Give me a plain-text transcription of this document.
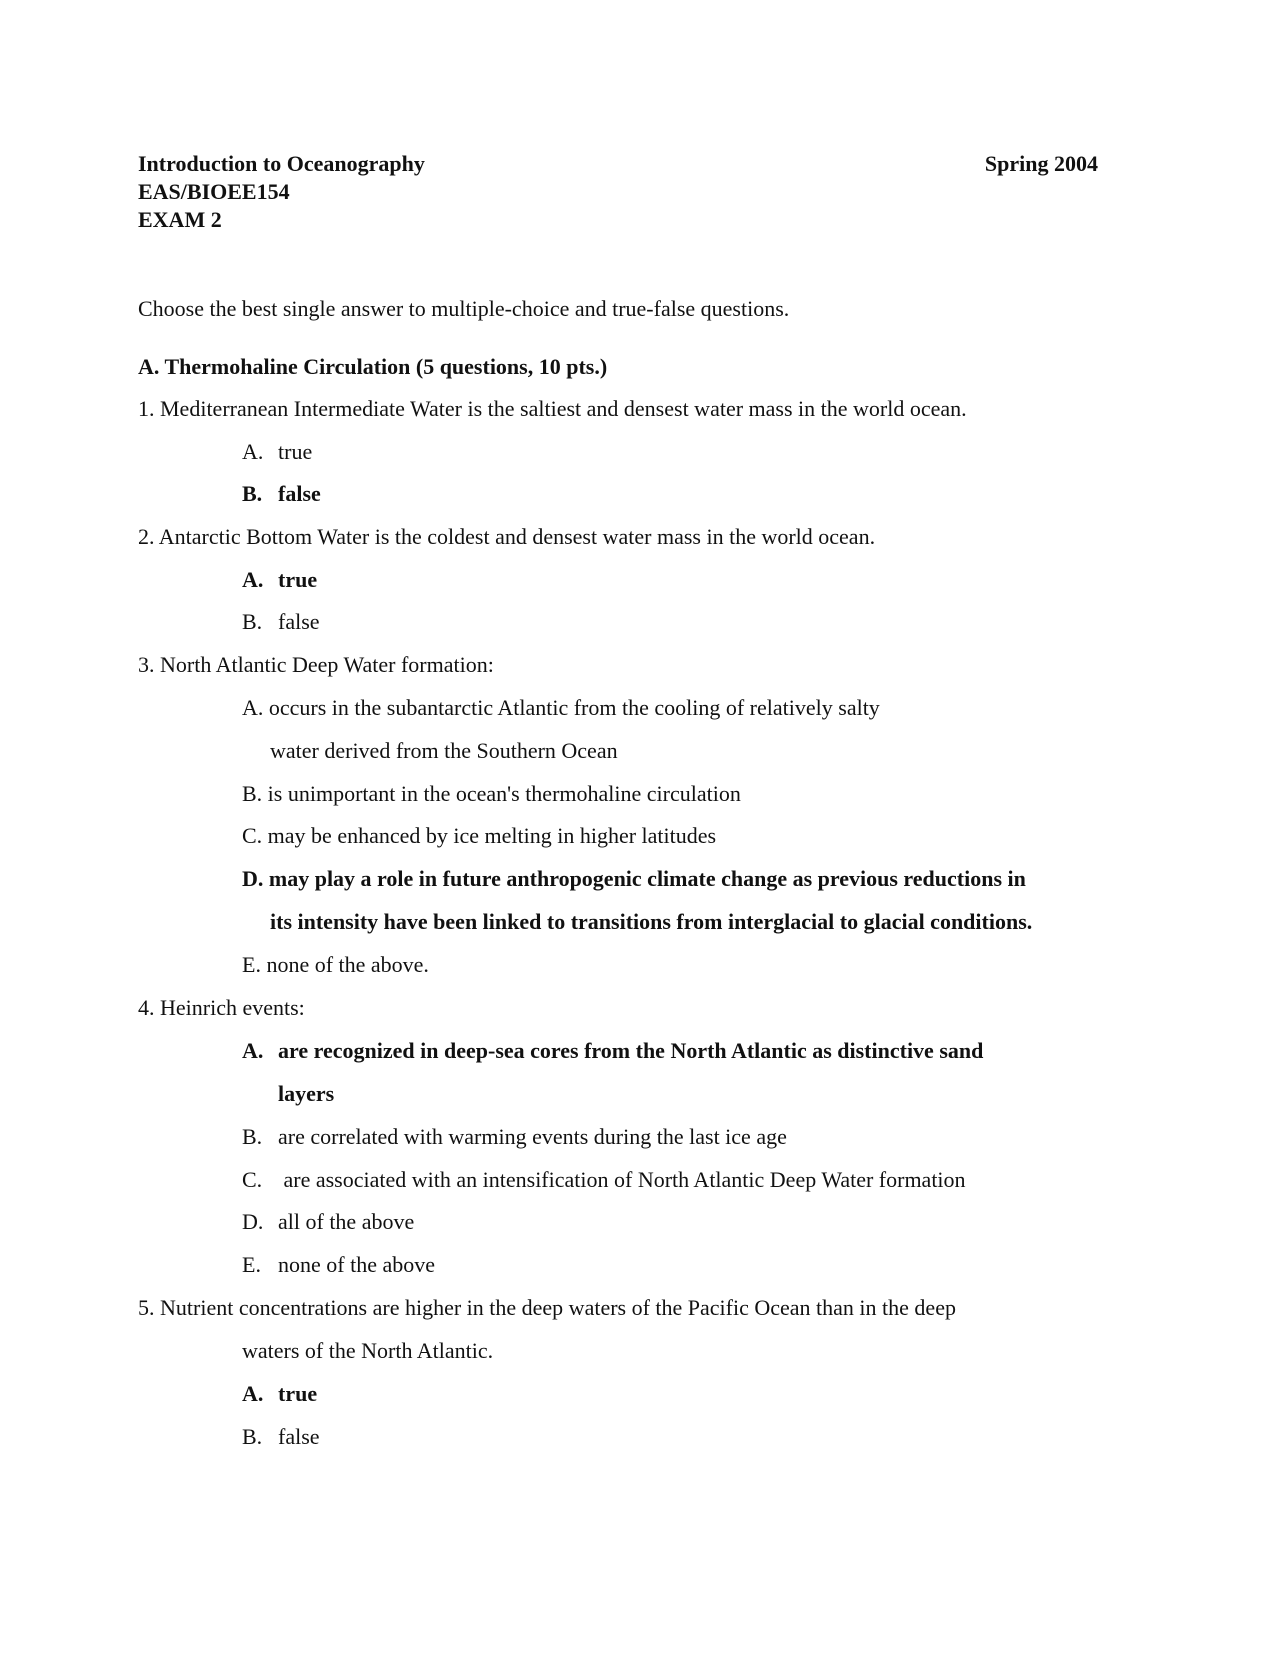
Introduction to Oceanography	Spring 2004
EAS/BIOEE154
EXAM 2
Choose the best single answer to multiple-choice and true-false questions.
A. Thermohaline Circulation (5 questions, 10 pts.)
1. Mediterranean Intermediate Water is the saltiest and densest water mass in the world ocean.
A. true
B. false
2. Antarctic Bottom Water is the coldest and densest water mass in the world ocean.
A. true
B. false
3. North Atlantic Deep Water formation:
A. occurs in the subantarctic Atlantic from the cooling of relatively salty
water derived from the Southern Ocean
B. is unimportant in the ocean's thermohaline circulation
C. may be enhanced by ice melting in higher latitudes
D. may play a role in future anthropogenic climate change as previous reductions in
its intensity have been linked to transitions from interglacial to glacial conditions.
E. none of the above.
4. Heinrich events:
A. are recognized in deep-sea cores from the North Atlantic as distinctive sand
layers
B. are correlated with warming events during the last ice age
C. are associated with an intensification of North Atlantic Deep Water formation
D. all of the above
E. none of the above
5. Nutrient concentrations are higher in the deep waters of the Pacific Ocean than in the deep
waters of the North Atlantic.
A. true
B. false
